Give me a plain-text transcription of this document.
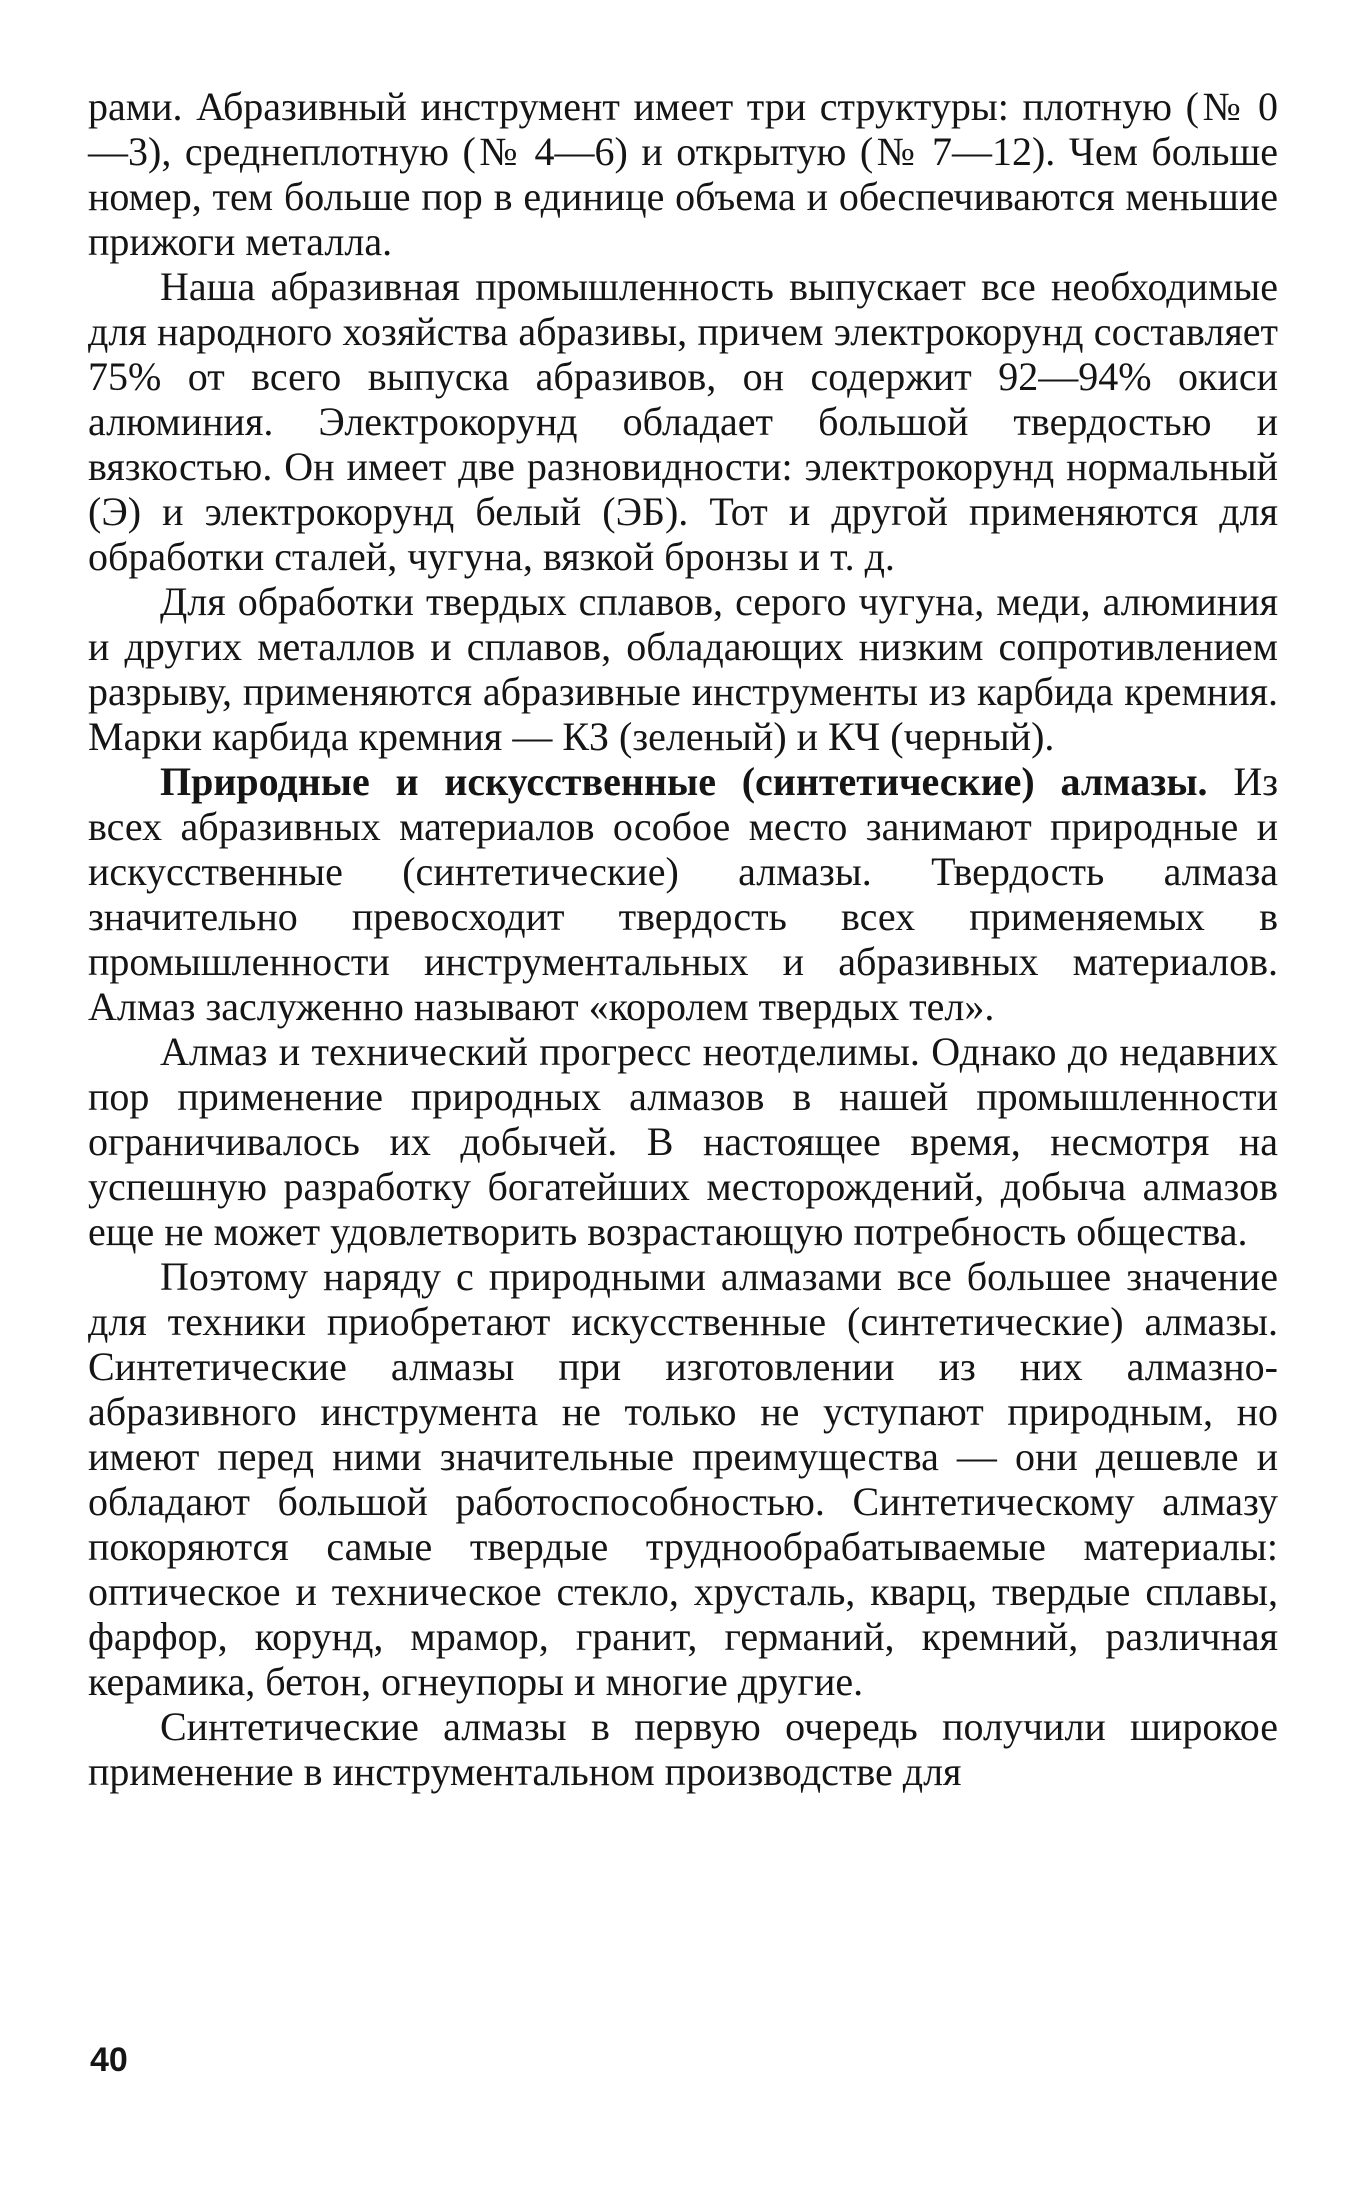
рами. Абразивный инструмент имеет три структуры: плотную (№ 0—3), среднеплотную (№ 4—6) и открытую (№ 7—12). Чем больше номер, тем больше пор в единице объема и обеспечиваются меньшие прижоги металла.

Наша абразивная промышленность выпускает все необходимые для народного хозяйства абразивы, причем электрокорунд составляет 75% от всего выпуска абразивов, он содержит 92—94% окиси алюминия. Электрокорунд обладает большой твердостью и вязкостью. Он имеет две разновидности: электрокорунд нормальный (Э) и электрокорунд белый (ЭБ). Тот и другой применяются для обработки сталей, чугуна, вязкой бронзы и т. д.

Для обработки твердых сплавов, серого чугуна, меди, алюминия и других металлов и сплавов, обладающих низким сопротивлением разрыву, применяются абразивные инструменты из карбида кремния. Марки карбида кремния — КЗ (зеленый) и КЧ (черный).

Природные и искусственные (синтетические) алмазы. Из всех абразивных материалов особое место занимают природные и искусственные (синтетические) алмазы. Твердость алмаза значительно превосходит твердость всех применяемых в промышленности инструментальных и абразивных материалов. Алмаз заслуженно называют «королем твердых тел».

Алмаз и технический прогресс неотделимы. Однако до недавних пор применение природных алмазов в нашей промышленности ограничивалось их добычей. В настоящее время, несмотря на успешную разработку богатейших месторождений, добыча алмазов еще не может удовлетворить возрастающую потребность общества.

Поэтому наряду с природными алмазами все большее значение для техники приобретают искусственные (синтетические) алмазы. Синтетические алмазы при изготовлении из них алмазно-абразивного инструмента не только не уступают природным, но имеют перед ними значительные преимущества — они дешевле и обладают большой работоспособностью. Синтетическому алмазу покоряются самые твердые труднообрабатываемые материалы: оптическое и техническое стекло, хрусталь, кварц, твердые сплавы, фарфор, корунд, мрамор, гранит, германий, кремний, различная керамика, бетон, огнеупоры и многие другие.

Синтетические алмазы в первую очередь получили широкое применение в инструментальном производстве для

40
